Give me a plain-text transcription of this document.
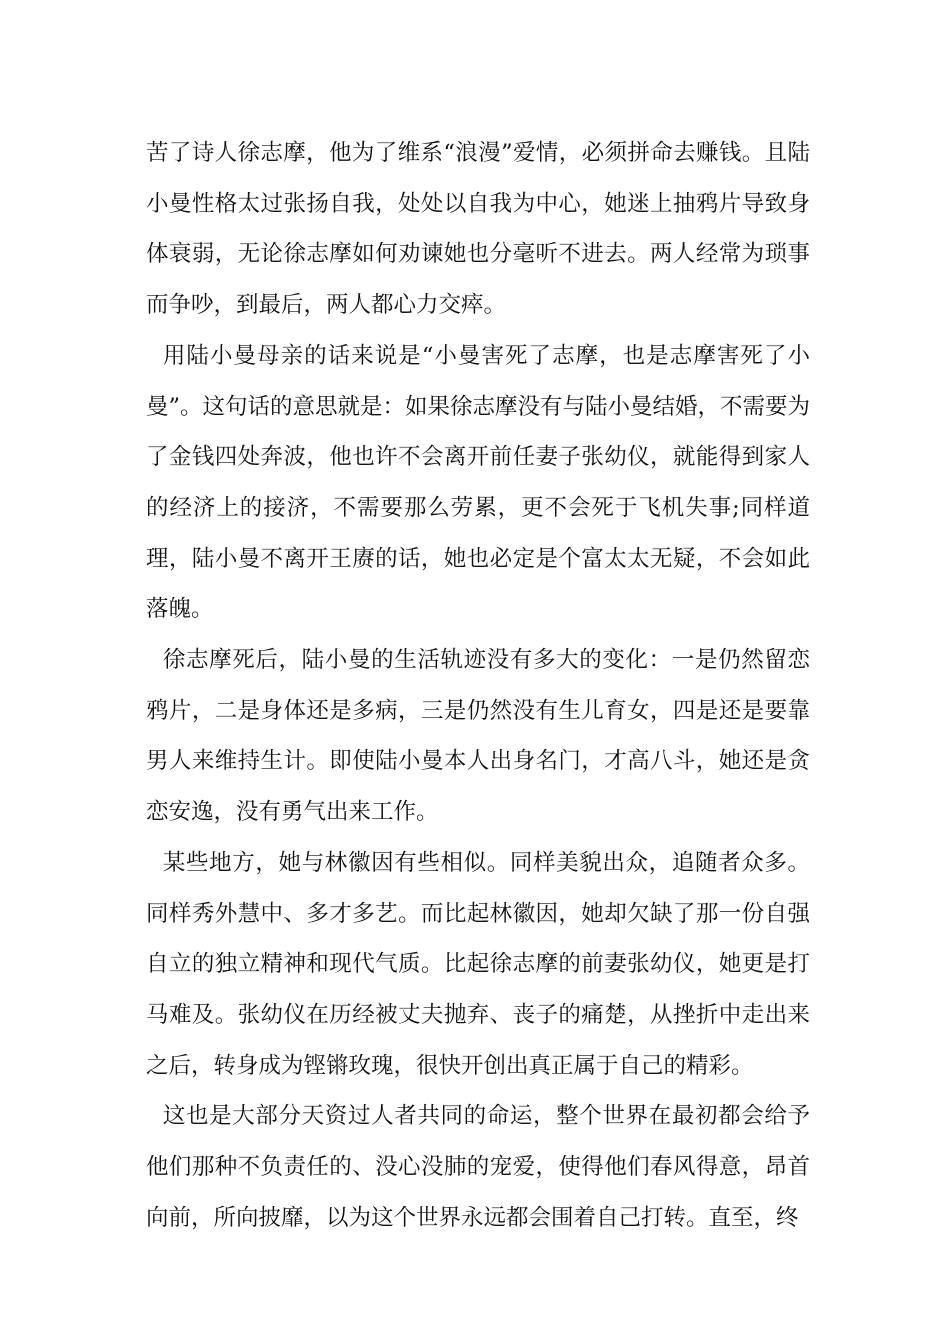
苦了诗人徐志摩，他为了维系“浪漫”爱情，必须拼命去赚钱。且陆小曼性格太过张扬自我，处处以自我为中心，她迷上抽鸦片导致身体衰弱，无论徐志摩如何劝谏她也分毫听不进去。两人经常为琐事而争吵，到最后，两人都心力交瘁。

用陆小曼母亲的话来说是“小曼害死了志摩，也是志摩害死了小曼”。这句话的意思就是：如果徐志摩没有与陆小曼结婚，不需要为了金钱四处奔波，他也许不会离开前任妻子张幼仪，就能得到家人的经济上的接济，不需要那么劳累，更不会死于飞机失事;同样道理，陆小曼不离开王赓的话，她也必定是个富太太无疑，不会如此落魄。

徐志摩死后，陆小曼的生活轨迹没有多大的变化：一是仍然留恋鸦片，二是身体还是多病，三是仍然没有生儿育女，四是还是要靠男人来维持生计。即使陆小曼本人出身名门，才高八斗，她还是贪恋安逸，没有勇气出来工作。

某些地方，她与林徽因有些相似。同样美貌出众，追随者众多。同样秀外慧中、多才多艺。而比起林徽因，她却欠缺了那一份自强自立的独立精神和现代气质。比起徐志摩的前妻张幼仪，她更是打马难及。张幼仪在历经被丈夫抛弃、丧子的痛楚，从挫折中走出来之后，转身成为铿锵玫瑰，很快开创出真正属于自己的精彩。

这也是大部分天资过人者共同的命运，整个世界在最初都会给予他们那种不负责任的、没心没肺的宠爱，使得他们春风得意，昂首向前，所向披靡，以为这个世界永远都会围着自己打转。直至，终
